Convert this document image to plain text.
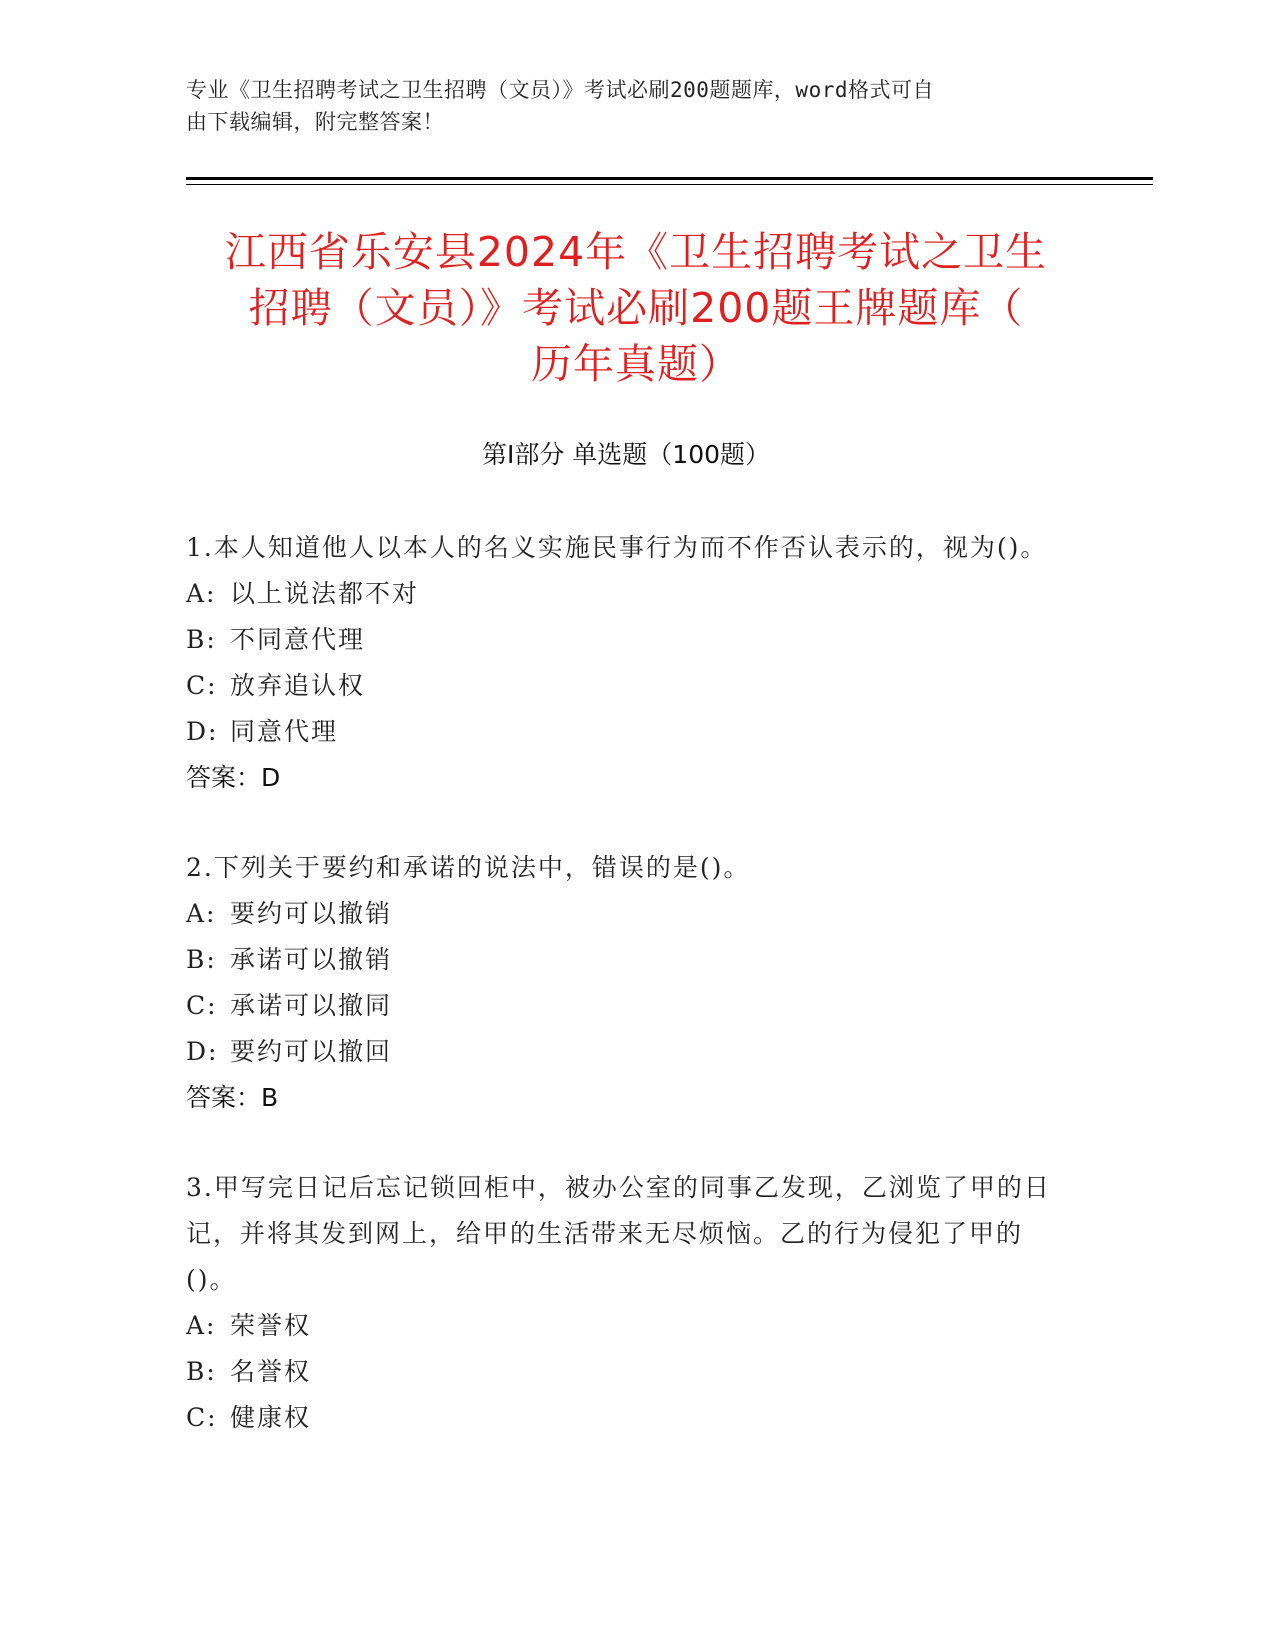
专业《卫生招聘考试之卫生招聘（文员）》考试必刷200题题库，word格式可自
由下载编辑，附完整答案！
江西省乐安县2024年《卫生招聘考试之卫生
招聘（文员）》考试必刷200题王牌题库（
历年真题）
第Ⅰ部分 单选题（100题）

1.本人知道他人以本人的名义实施民事行为而不作否认表示的，视为()。

A: 以上说法都不对

B: 不同意代理

C: 放弃追认权

D: 同意代理

答案：D

2.下列关于要约和承诺的说法中，错误的是()。

A: 要约可以撤销

B: 承诺可以撤销

C: 承诺可以撤同

D: 要约可以撤回

答案：B

3.甲写完日记后忘记锁回柜中，被办公室的同事乙发现，乙浏览了甲的日记，并将其发到网上，给甲的生活带来无尽烦恼。乙的行为侵犯了甲的()。

A: 荣誉权

B: 名誉权

C: 健康权
